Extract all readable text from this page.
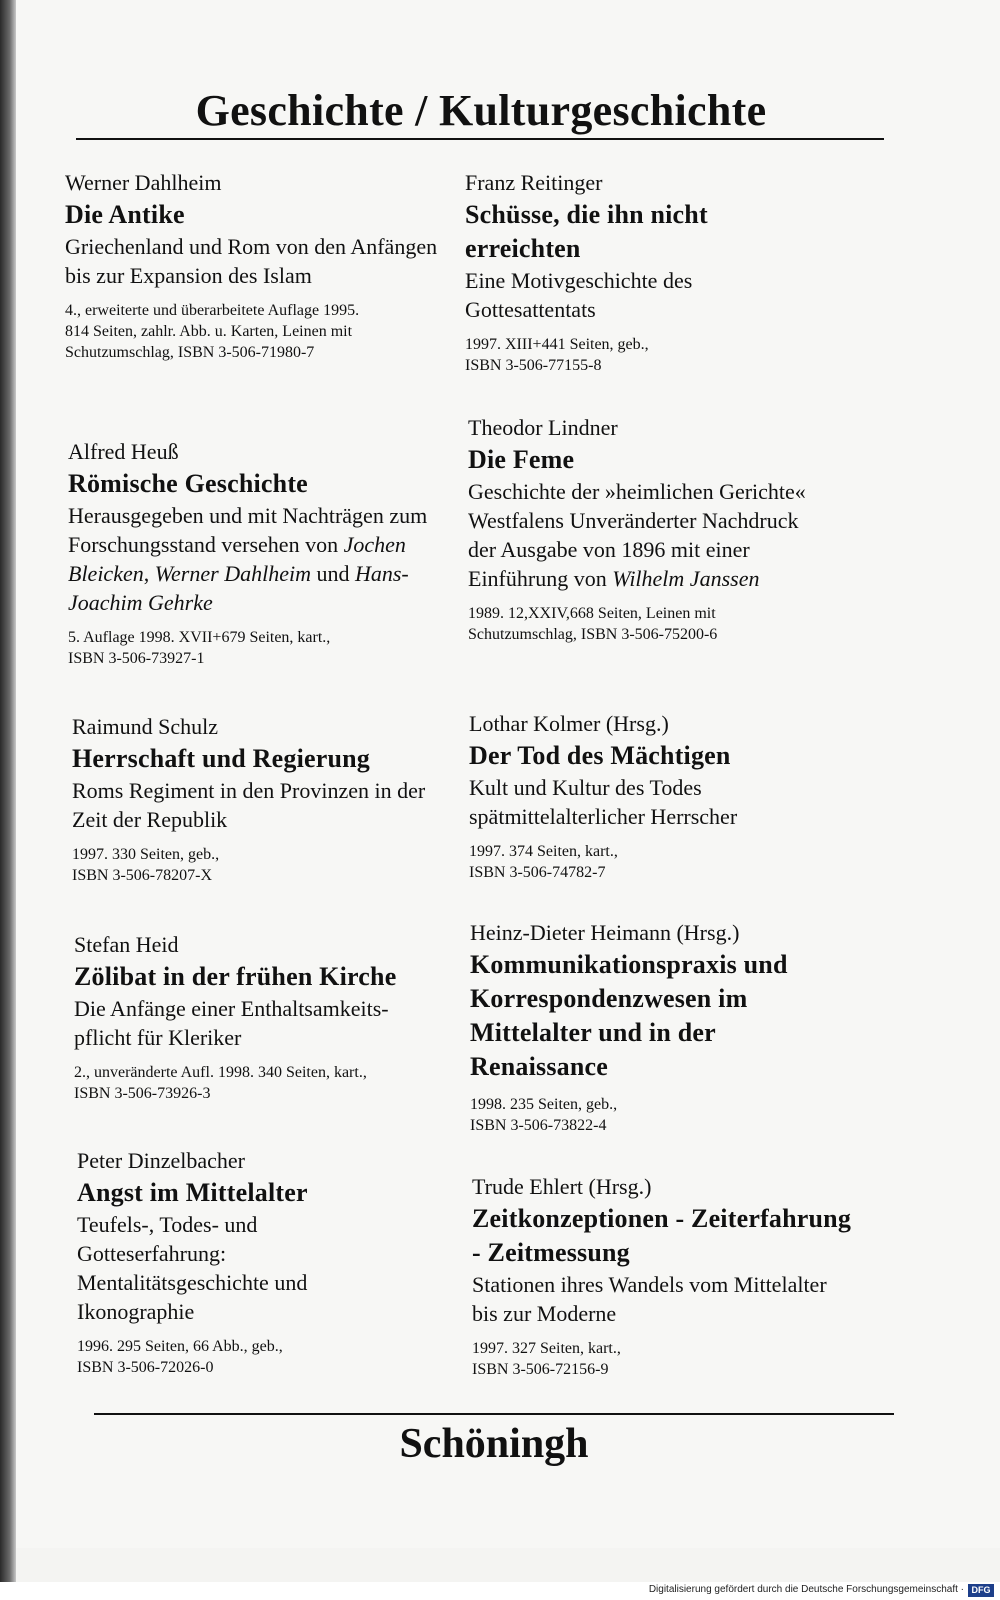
Geschichte / Kulturgeschichte
Werner Dahlheim
Die Antike
Griechenland und Rom von den Anfängen bis zur Expansion des Islam
4., erweiterte und überarbeitete Auflage 1995.
814 Seiten, zahlr. Abb. u. Karten, Leinen mit
Schutzumschlag, ISBN 3-506-71980-7
Alfred Heuß
Römische Geschichte
Herausgegeben und mit Nachträgen zum Forschungsstand versehen von Jochen Bleicken, Werner Dahlheim und Hans-Joachim Gehrke
5. Auflage 1998. XVII+679 Seiten, kart.,
ISBN 3-506-73927-1
Raimund Schulz
Herrschaft und Regierung
Roms Regiment in den Provinzen in der Zeit der Republik
1997. 330 Seiten, geb.,
ISBN 3-506-78207-X
Stefan Heid
Zölibat in der frühen Kirche
Die Anfänge einer Enthaltsamkeits-pflicht für Kleriker
2., unveränderte Aufl. 1998. 340 Seiten, kart.,
ISBN 3-506-73926-3
Peter Dinzelbacher
Angst im Mittelalter
Teufels-, Todes- und Gotteserfahrung: Mentalitätsgeschichte und Ikonographie
1996. 295 Seiten, 66 Abb., geb.,
ISBN 3-506-72026-0
Franz Reitinger
Schüsse, die ihn nicht erreichten
Eine Motivgeschichte des Gottesattentats
1997. XIII+441 Seiten, geb.,
ISBN 3-506-77155-8
Theodor Lindner
Die Feme
Geschichte der »heimlichen Gerichte« Westfalens Unveränderter Nachdruck der Ausgabe von 1896 mit einer Einführung von Wilhelm Janssen
1989. 12,XXIV,668 Seiten, Leinen mit
Schutzumschlag, ISBN 3-506-75200-6
Lothar Kolmer (Hrsg.)
Der Tod des Mächtigen
Kult und Kultur des Todes spätmittelalterlicher Herrscher
1997. 374 Seiten, kart.,
ISBN 3-506-74782-7
Heinz-Dieter Heimann (Hrsg.)
Kommunikationspraxis und Korrespondenzwesen im Mittelalter und in der Renaissance
1998. 235 Seiten, geb.,
ISBN 3-506-73822-4
Trude Ehlert (Hrsg.)
Zeitkonzeptionen - Zeiterfahrung - Zeitmessung
Stationen ihres Wandels vom Mittelalter bis zur Moderne
1997. 327 Seiten, kart.,
ISBN 3-506-72156-9
Schöningh
Digitalisierung gefördert durch die Deutsche Forschungsgemeinschaft · DFG
